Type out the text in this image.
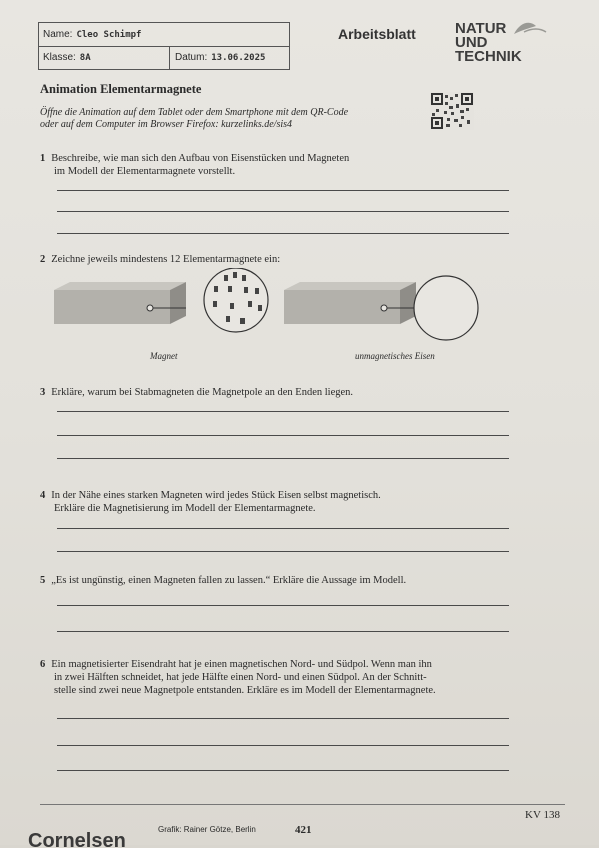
Name: Cleo Schimpf
Klasse: 8A	Datum: 13.06.2025
Arbeitsblatt	NATUR
UND
TECHNIK
Animation Elementarmagnete
Öffne die Animation auf dem Tablet oder dem Smartphone mit dem QR-Code
oder auf dem Computer im Browser Firefox: kurzelinks.de/sis4
1 Beschreibe, wie man sich den Aufbau von Eisenstücken und Magneten
im Modell der Elementarmagnete vorstellt.
2 Zeichne jeweils mindestens 12 Elementarmagnete ein:
Magnet	unmagnetisches Eisen
3 Erkläre, warum bei Stabmagneten die Magnetpole an den Enden liegen.
4 In der Nähe eines starken Magneten wird jedes Stück Eisen selbst magnetisch.
Erkläre die Magnetisierung im Modell der Elementarmagnete.
5 „Es ist ungünstig, einen Magneten fallen zu lassen.“ Erkläre die Aussage im Modell.
6 Ein magnetisierter Eisendraht hat je einen magnetischen Nord- und Südpol. Wenn man ihn
in zwei Hälften schneidet, hat jede Hälfte einen Nord- und einen Südpol. An der Schnitt-
stelle sind zwei neue Magnetpole entstanden. Erkläre es im Modell der Elementarmagnete.
Grafik: Rainer Götze, Berlin	421
KV 138
Cornelsen
